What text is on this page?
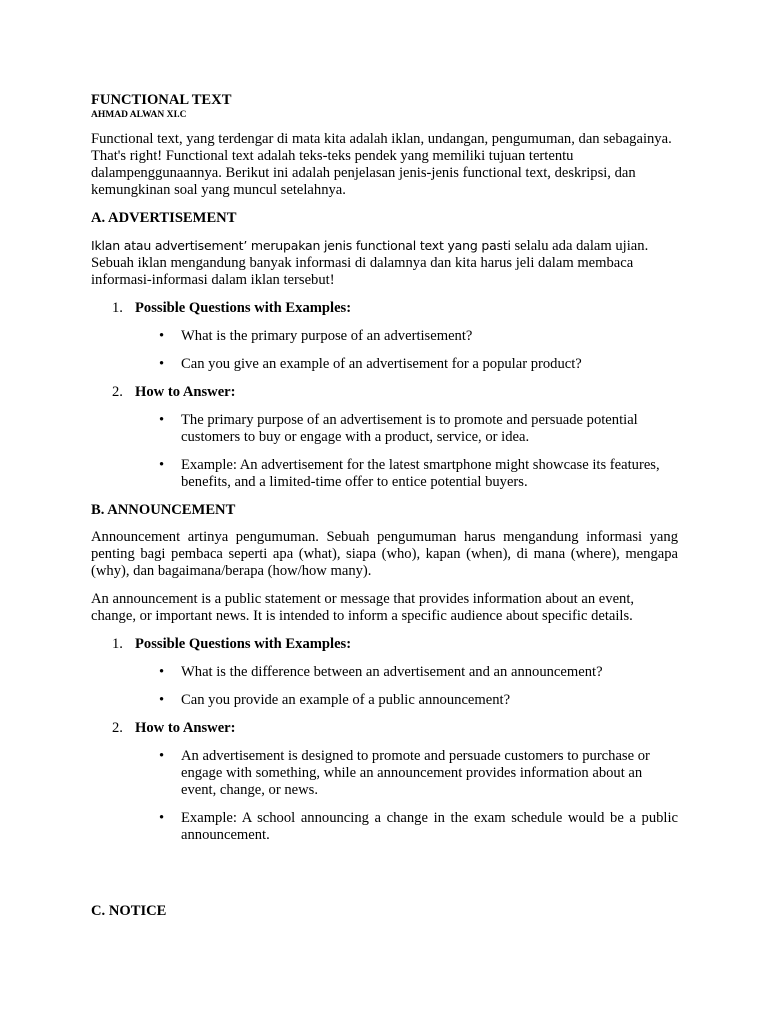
FUNCTIONAL TEXT
AHMAD ALWAN XI.C

Functional text, yang terdengar di mata kita adalah iklan, undangan, pengumuman, dan sebagainya. That's right! Functional text adalah teks-teks pendek yang memiliki tujuan tertentu dalampenggunaannya. Berikut ini adalah penjelasan jenis-jenis functional text, deskripsi, dan kemungkinan soal yang muncul setelahnya.

A. ADVERTISEMENT

Iklan atau advertisement’ merupakan jenis functional text yang pasti selalu ada dalam ujian. Sebuah iklan mengandung banyak informasi di dalamnya dan kita harus jeli dalam membaca informasi-informasi dalam iklan tersebut!

1. Possible Questions with Examples:
• What is the primary purpose of an advertisement?
• Can you give an example of an advertisement for a popular product?
2. How to Answer:
• The primary purpose of an advertisement is to promote and persuade potential customers to buy or engage with a product, service, or idea.
• Example: An advertisement for the latest smartphone might showcase its features, benefits, and a limited-time offer to entice potential buyers.
B. ANNOUNCEMENT

Announcement artinya pengumuman. Sebuah pengumuman harus mengandung informasi yang penting bagi pembaca seperti apa (what), siapa (who), kapan (when), di mana (where), mengapa (why), dan bagaimana/berapa (how/how many).

An announcement is a public statement or message that provides information about an event, change, or important news. It is intended to inform a specific audience about specific details.

1. Possible Questions with Examples:
• What is the difference between an advertisement and an announcement?
• Can you provide an example of a public announcement?
2. How to Answer:
• An advertisement is designed to promote and persuade customers to purchase or engage with something, while an announcement provides information about an event, change, or news.
• Example: A school announcing a change in the exam schedule would be a public announcement.
C. NOTICE
